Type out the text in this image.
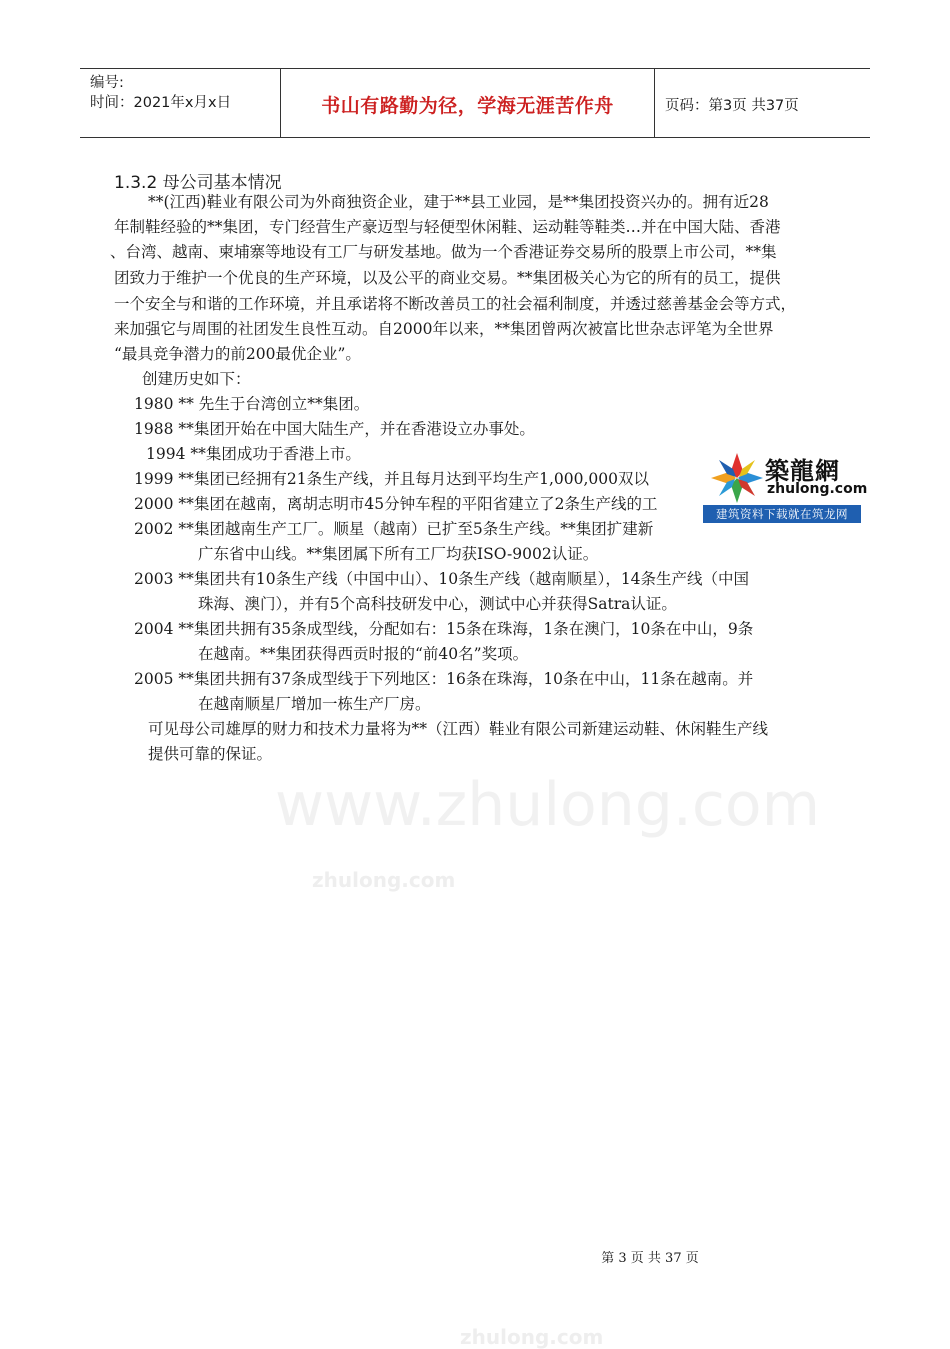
编号:
时间：2021年x月x日	书山有路勤为径，学海无涯苦作舟	页码：第3页 共37页
www.zhulong.com
zhulong.com
zhulong.com
1.3.2 母公司基本情况
**(江西)鞋业有限公司为外商独资企业，建于**县工业园，是**集团投资兴办的。拥有近28
年制鞋经验的**集团，专门经营生产豪迈型与轻便型休闲鞋、运动鞋等鞋类…并在中国大陆、香港
、台湾、越南、柬埔寨等地设有工厂与研发基地。做为一个香港证券交易所的股票上市公司，**集
团致力于维护一个优良的生产环境，以及公平的商业交易。**集团极关心为它的所有的员工，提供
一个安全与和谐的工作环境，并且承诺将不断改善员工的社会福利制度，并透过慈善基金会等方式，
来加强它与周围的社团发生良性互动。自2000年以来，**集团曾两次被富比世杂志评笔为全世界
“最具竞争潜力的前200最优企业”。
创建历史如下：
1980 ** 先生于台湾创立**集团。
1988 **集团开始在中国大陆生产，并在香港设立办事处。
1994 **集团成功于香港上市。
1999 **集团已经拥有21条生产线，并且每月达到平均生产1,000,000双以
2000 **集团在越南，离胡志明市45分钟车程的平阳省建立了2条生产线的工
2002 **集团越南生产工厂。顺星（越南）已扩至5条生产线。**集团扩建新
广东省中山线。**集团属下所有工厂均获ISO-9002认证。
2003 **集团共有10条生产线（中国中山）、10条生产线（越南顺星），14条生产线（中国
珠海、澳门），并有5个高科技研发中心，测试中心并获得Satra认证。
2004 **集团共拥有35条成型线，分配如右：15条在珠海，1条在澳门，10条在中山，9条
在越南。**集团获得西贡时报的“前40名”奖项。
2005 **集团共拥有37条成型线于下列地区：16条在珠海，10条在中山，11条在越南。并
在越南顺星厂增加一栋生产厂房。
可见母公司雄厚的财力和技术力量将为**（江西）鞋业有限公司新建运动鞋、休闲鞋生产线
提供可靠的保证。
築龍網
zhulong.com
建筑资料下载就在筑龙网
第 3 页 共 37 页
